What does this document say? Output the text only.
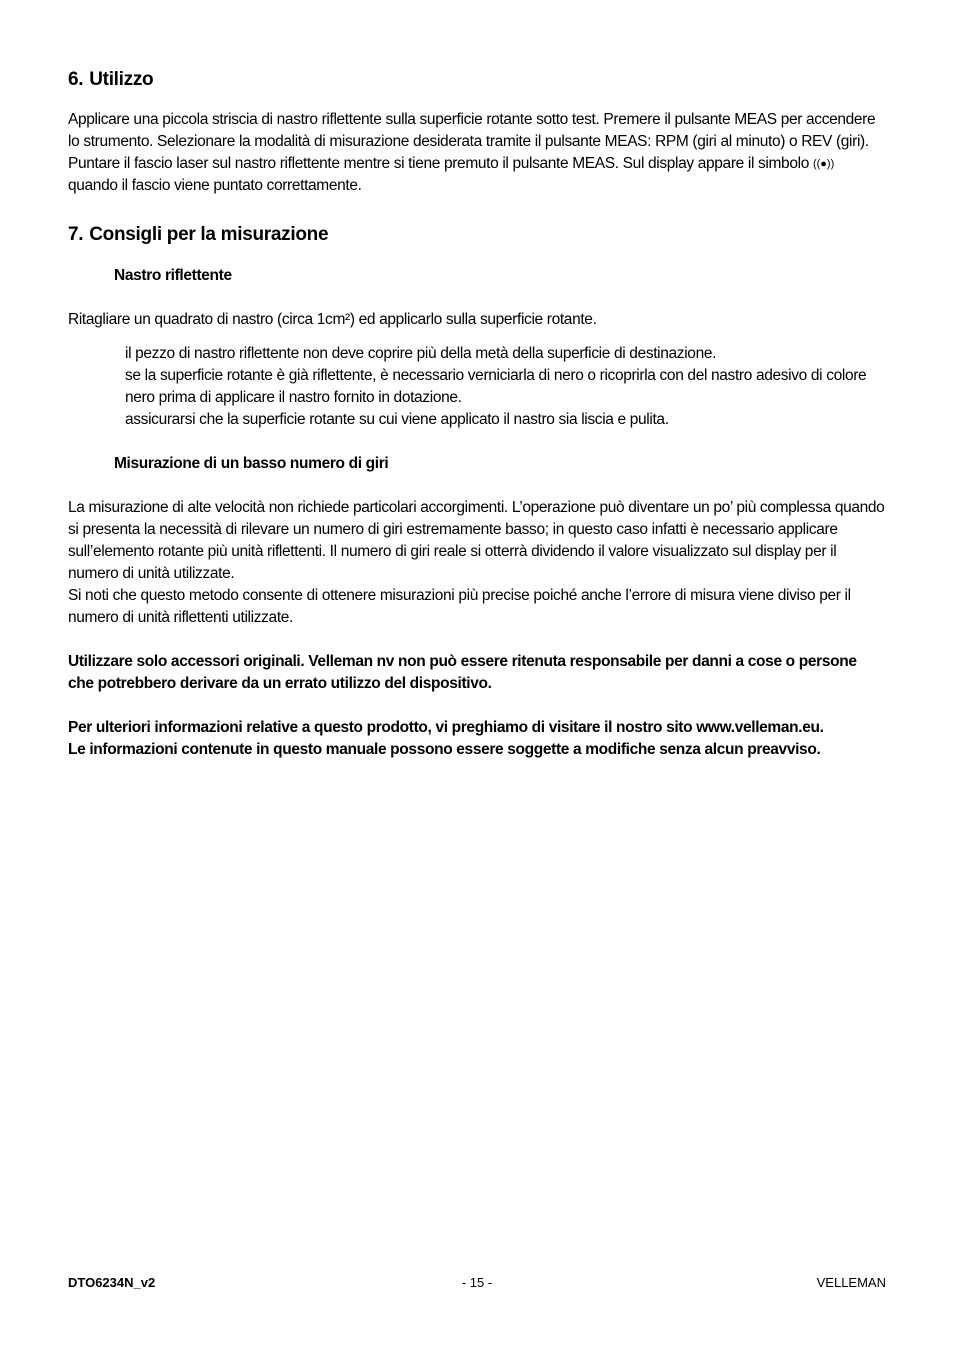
6. Utilizzo

Applicare una piccola striscia di nastro riflettente sulla superficie rotante sotto test. Premere il pulsante MEAS per accendere lo strumento. Selezionare la modalità di misurazione desiderata tramite il pulsante MEAS: RPM (giri al minuto) o REV (giri). Puntare il fascio laser sul nastro riflettente mentre si tiene premuto il pulsante MEAS. Sul display appare il simbolo ((●)) quando il fascio viene puntato correttamente.

7. Consigli per la misurazione

Nastro riflettente

Ritagliare un quadrato di nastro (circa 1cm²) ed applicarlo sulla superficie rotante.

il pezzo di nastro riflettente non deve coprire più della metà della superficie di destinazione.
se la superficie rotante è già riflettente, è necessario verniciarla di nero o ricoprirla con del nastro adesivo di colore nero prima di applicare il nastro fornito in dotazione.
assicurarsi che la superficie rotante su cui viene applicato il nastro sia liscia e pulita.

Misurazione di un basso numero di giri

La misurazione di alte velocità non richiede particolari accorgimenti. L’operazione può diventare un po’ più complessa quando si presenta la necessità di rilevare un numero di giri estremamente basso; in questo caso infatti è necessario applicare sull’elemento rotante più unità riflettenti. Il numero di giri reale si otterrà dividendo il valore visualizzato sul display per il numero di unità utilizzate.

Si noti che questo metodo consente di ottenere misurazioni più precise poiché anche l’errore di misura viene diviso per il numero di unità riflettenti utilizzate.

Utilizzare solo accessori originali. Velleman nv non può essere ritenuta responsabile per danni a cose o persone che potrebbero derivare da un errato utilizzo del dispositivo.

Per ulteriori informazioni relative a questo prodotto, vi preghiamo di visitare il nostro sito www.velleman.eu.

Le informazioni contenute in questo manuale possono essere soggette a modifiche senza alcun preavviso.

DTO6234N_v2	- 15 -	VELLEMAN
